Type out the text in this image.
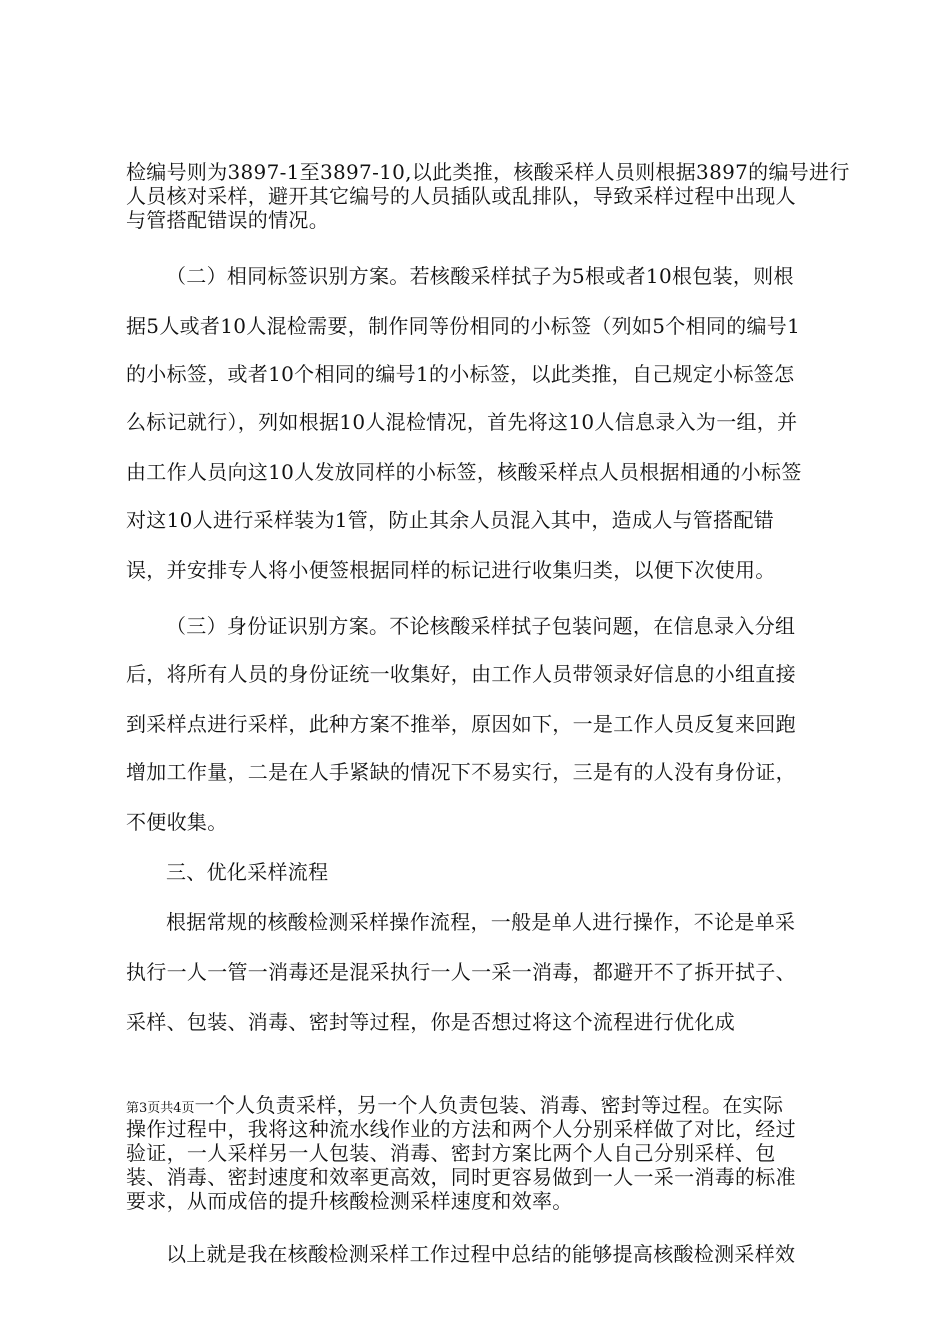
检编号则为3897-1至3897-10,以此类推，核酸采样人员则根据3897的编号进行
人员核对采样，避开其它编号的人员插队或乱排队，导致采样过程中出现人
与管搭配错误的情况。
（二）相同标签识别方案。若核酸采样拭子为5根或者10根包装，则根
据5人或者10人混检需要，制作同等份相同的小标签（列如5个相同的编号1
的小标签，或者10个相同的编号1的小标签，以此类推，自己规定小标签怎
么标记就行），列如根据10人混检情况，首先将这10人信息录入为一组，并
由工作人员向这10人发放同样的小标签，核酸采样点人员根据相通的小标签
对这10人进行采样装为1管，防止其余人员混入其中，造成人与管搭配错
误，并安排专人将小便签根据同样的标记进行收集归类，以便下次使用。
（三）身份证识别方案。不论核酸采样拭子包装问题，在信息录入分组
后，将所有人员的身份证统一收集好，由工作人员带领录好信息的小组直接
到采样点进行采样，此种方案不推举，原因如下，一是工作人员反复来回跑
增加工作量，二是在人手紧缺的情况下不易实行，三是有的人没有身份证，
不便收集。
三、优化采样流程
根据常规的核酸检测采样操作流程，一般是单人进行操作，不论是单采
执行一人一管一消毒还是混采执行一人一采一消毒，都避开不了拆开拭子、
采样、包装、消毒、密封等过程，你是否想过将这个流程进行优化成
第3页共4页一个人负责采样，另一个人负责包装、消毒、密封等过程。在实际
操作过程中，我将这种流水线作业的方法和两个人分别采样做了对比，经过
验证，一人采样另一人包装、消毒、密封方案比两个人自己分别采样、包
装、消毒、密封速度和效率更高效，同时更容易做到一人一采一消毒的标准
要求，从而成倍的提升核酸检测采样速度和效率。
以上就是我在核酸检测采样工作过程中总结的能够提高核酸检测采样效
